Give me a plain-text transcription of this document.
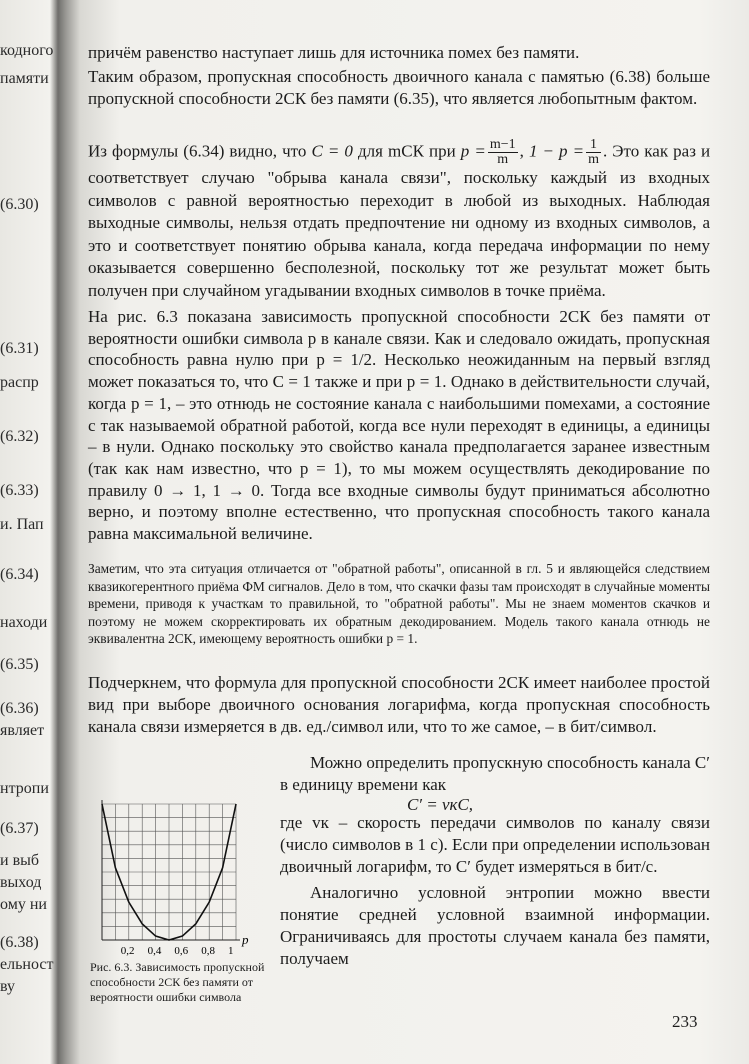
кодного
памяти
(6.30)
(6.31)
распр
(6.32)
(6.33)
и. Пап
(6.34)
находи
(6.35)
(6.36)
являет
нтропи
(6.37)
и выб
выход
ому ни
(6.38)
ельност
ву
причём равенство наступает лишь для источника помех без памяти.
Таким образом, пропускная способность двоичного канала с памятью (6.38) больше пропускной способности 2СК без памяти (6.35), что является любопытным фактом.
Из формулы (6.34) видно, что C = 0 для mСК при $p = \frac{m-1}{m}$ , $1 - p = \frac{1}{m}$ . Это как раз и соответствует случаю "обрыва канала связи", поскольку каждый из входных символов с равной вероятностью переходит в любой из выходных. Наблюдая выходные символы, нельзя отдать предпочтение ни одному из входных символов, а это и соответствует понятию обрыва канала, когда передача информации по нему оказывается совершенно бесполезной, поскольку тот же результат может быть получен при случайном угадывании входных символов в точке приёма.
На рис. 6.3 показана зависимость пропускной способности 2СК без памяти от вероятности ошибки символа p в канале связи. Как и следовало ожидать, пропускная способность равна нулю при p = 1/2. Несколько неожиданным на первый взгляд может показаться то, что C = 1 также и при p = 1. Однако в действительности случай, когда p = 1, – это отнюдь не состояние канала с наибольшими помехами, а состояние с так называемой обратной работой, когда все нули переходят в единицы, а единицы – в нули. Однако поскольку это свойство канала предполагается заранее известным (так как нам известно, что p = 1), то мы можем осуществлять декодирование по правилу 0 → 1, 1 → 0. Тогда все входные символы будут приниматься абсолютно верно, и поэтому вполне естественно, что пропускная способность такого канала равна максимальной величине.
Заметим, что эта ситуация отличается от "обратной работы", описанной в гл. 5 и являющейся следствием квазикогерентного приёма ФМ сигналов. Дело в том, что скачки фазы там происходят в случайные моменты времени, приводя к участкам то правильной, то "обратной работы". Мы не знаем моментов скачков и поэтому не можем скорректировать их обратным декодированием. Модель такого канала отнюдь не эквивалентна 2СК, имеющему вероятность ошибки p = 1.
Подчеркнем, что формула для пропускной способности 2СК имеет наиболее простой вид при выборе двоичного основания логарифма, когда пропускная способность канала связи измеряется в дв. ед./символ или, что то же самое, – в бит/символ.
Можно определить пропускную способность канала C′ в единицу времени как
C′ = vкC,
где vк – скорость передачи символов по каналу связи (число символов в 1 с). Если при определении использован двоичный логарифм, то C′ будет измеряться в бит/с.
Аналогично условной энтропии можно ввести понятие средней условной взаимной информации. Ограничиваясь для простоты случаем канала без памяти, получаем
0,2 0,4 0,6 0,8 1
p
Рис. 6.3. Зависимость пропускной способности 2СК без памяти от вероятности ошибки символа
233
